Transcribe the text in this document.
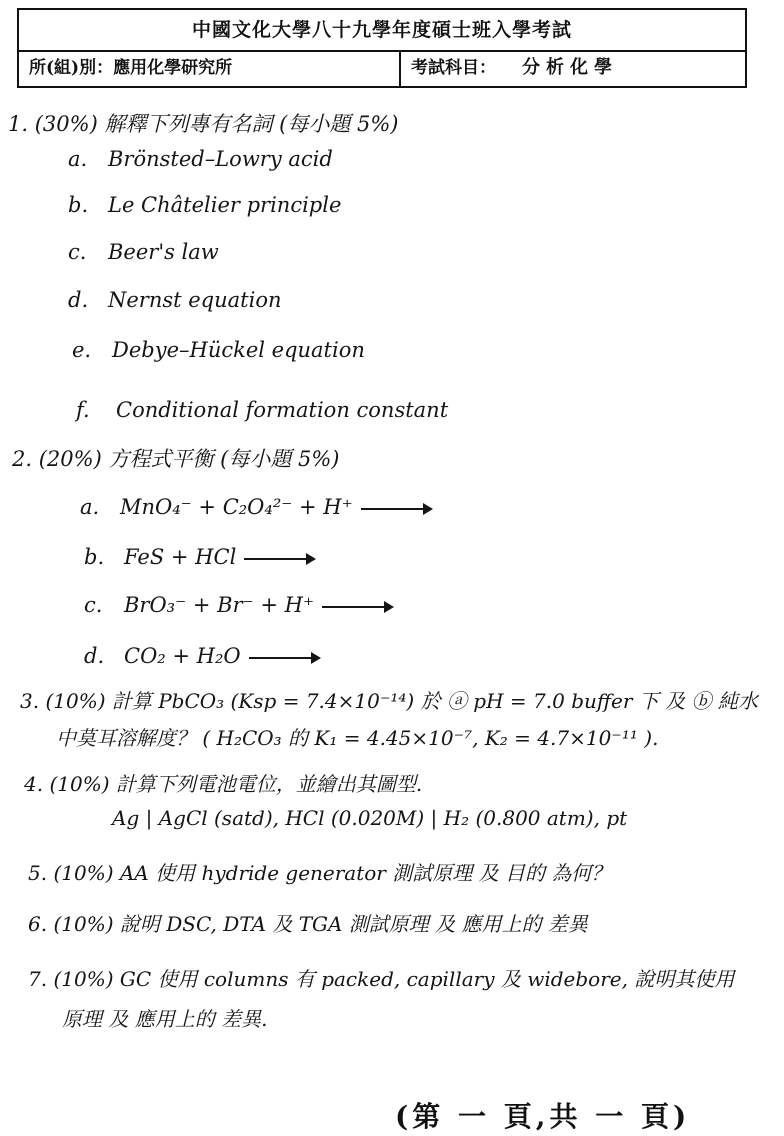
中國文化大學八十九學年度碩士班入學考試
所(組)別：應用化學研究所	考試科目： 分析化學
1. (30%) 解釋下列專有名詞 (每小題 5%)
a. Brönsted–Lowry acid
b. Le Châtelier principle
c. Beer's law
d. Nernst equation
e. Debye–Hückel equation
f. Conditional formation constant
2. (20%) 方程式平衡 (每小題 5%)
a. MnO₄⁻ + C₂O₄²⁻ + H⁺ →
b. FeS + HCl →
c. BrO₃⁻ + Br⁻ + H⁺ →
d. CO₂ + H₂O →
3. (10%) 計算 PbCO₃ (Ksp = 7.4×10⁻¹⁴) 於 ⓐ pH = 7.0 buffer 下 及 ⓑ 純水
中莫耳溶解度？ ( H₂CO₃ 的 K₁ = 4.45×10⁻⁷, K₂ = 4.7×10⁻¹¹ ).
4. (10%) 計算下列電池電位，並繪出其圖型.
Ag | AgCl (satd), HCl (0.020M) | H₂ (0.800 atm), pt
5. (10%) AA 使用 hydride generator 測試原理 及 目的 為何？
6. (10%) 說明 DSC, DTA 及 TGA 測試原理 及 應用上的 差異
7. (10%) GC 使用 columns 有 packed, capillary 及 widebore, 說明其使用
原理 及 應用上的 差異.
(第 一 頁,共 一 頁)
